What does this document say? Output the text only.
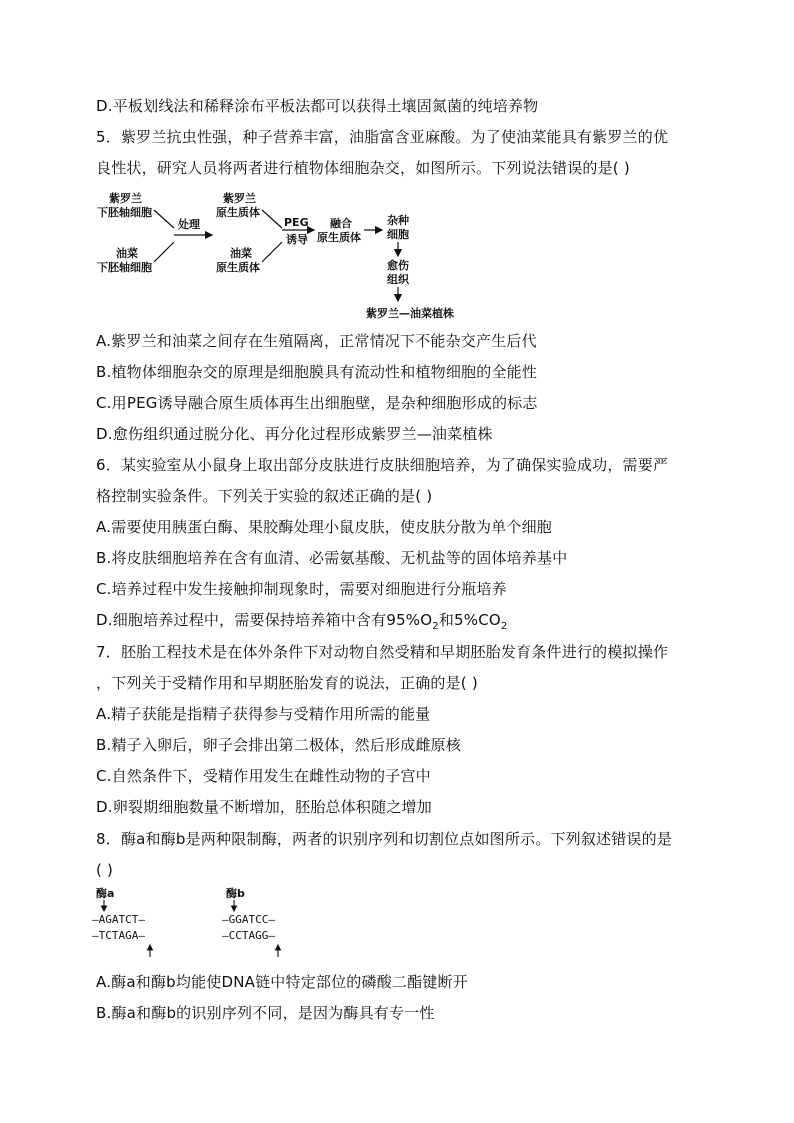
D.平板划线法和稀释涂布平板法都可以获得土壤固氮菌的纯培养物
5．紫罗兰抗虫性强，种子营养丰富，油脂富含亚麻酸。为了使油菜能具有紫罗兰的优
良性状，研究人员将两者进行植物体细胞杂交，如图所示。下列说法错误的是( )
紫罗兰
下胚轴细胞
油菜
下胚轴细胞
处理
紫罗兰
原生质体
油菜
原生质体
PEG
诱导
融合
原生质体
杂种
细胞
愈伤
组织
紫罗兰—油菜植株
A.紫罗兰和油菜之间存在生殖隔离，正常情况下不能杂交产生后代
B.植物体细胞杂交的原理是细胞膜具有流动性和植物细胞的全能性
C.用PEG诱导融合原生质体再生出细胞壁，是杂种细胞形成的标志
D.愈伤组织通过脱分化、再分化过程形成紫罗兰—油菜植株
6．某实验室从小鼠身上取出部分皮肤进行皮肤细胞培养，为了确保实验成功，需要严
格控制实验条件。下列关于实验的叙述正确的是( )
A.需要使用胰蛋白酶、果胶酶处理小鼠皮肤，使皮肤分散为单个细胞
B.将皮肤细胞培养在含有血清、必需氨基酸、无机盐等的固体培养基中
C.培养过程中发生接触抑制现象时，需要对细胞进行分瓶培养
D.细胞培养过程中，需要保持培养箱中含有$95\%O_2$和$5\%CO_2$
7．胚胎工程技术是在体外条件下对动物自然受精和早期胚胎发育条件进行的模拟操作
，下列关于受精作用和早期胚胎发育的说法，正确的是( )
A.精子获能是指精子获得参与受精作用所需的能量
B.精子入卵后，卵子会排出第二极体，然后形成雌原核
C.自然条件下，受精作用发生在雌性动物的子宫中
D.卵裂期细胞数量不断增加，胚胎总体积随之增加
8．酶a和酶b是两种限制酶，两者的识别序列和切割位点如图所示。下列叙述错误的是
( )
酶a
—AGATCT—
—TCTAGA—
酶b
—GGATCC—
—CCTAGG—
A.酶a和酶b均能使DNA链中特定部位的磷酸二酯键断开
B.酶a和酶b的识别序列不同，是因为酶具有专一性
